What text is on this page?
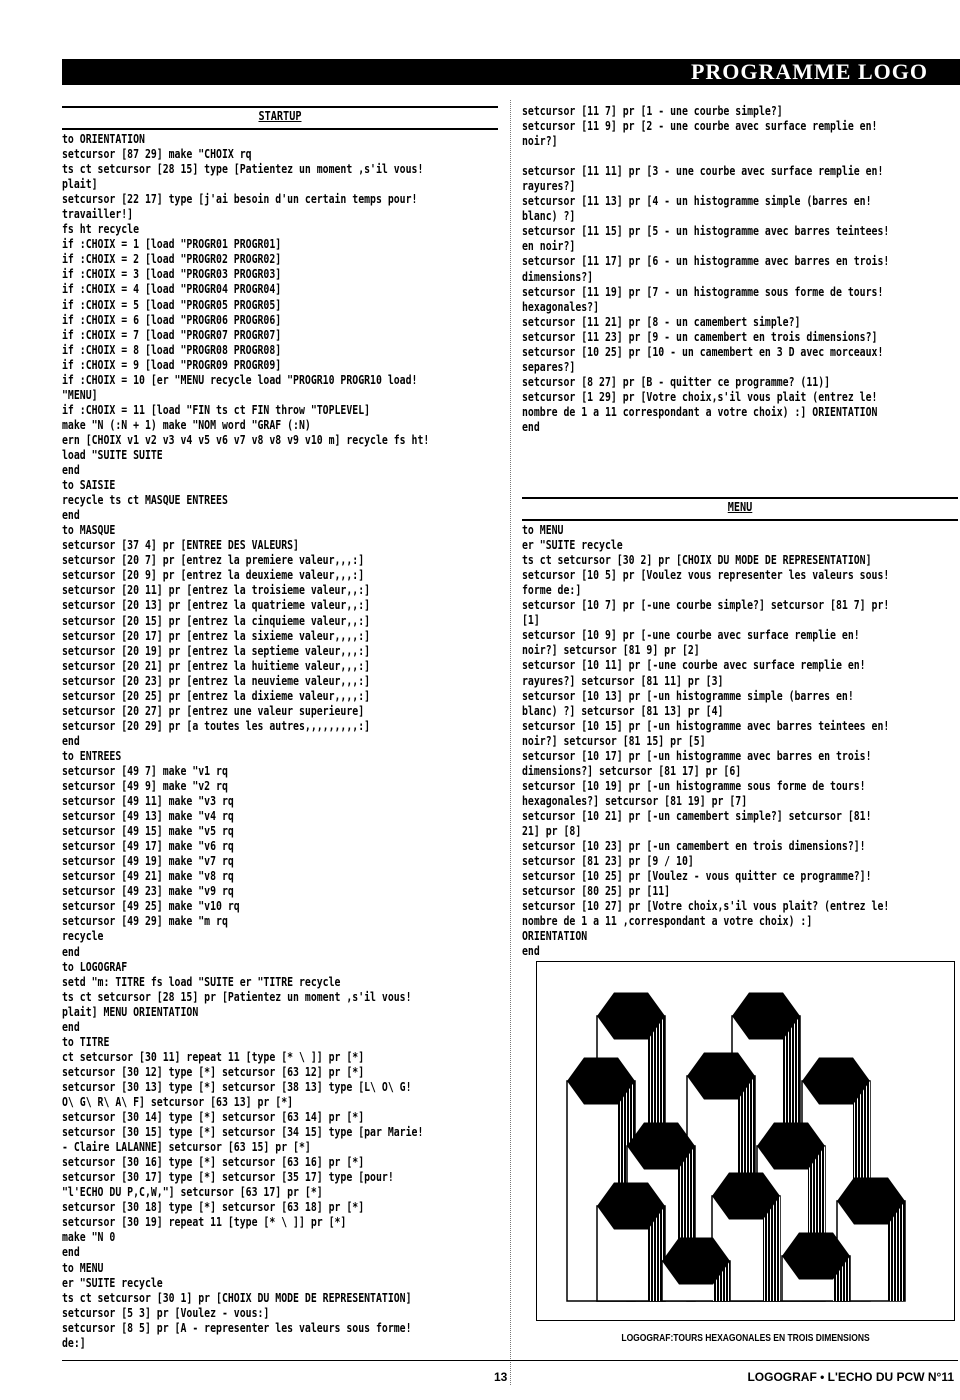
PROGRAMME LOGO
STARTUP
to ORIENTATION
setcursor [87 29] make "CHOIX rq
ts ct setcursor [28 15] type [Patientez un moment ,s'il vous!
plait]
setcursor [22 17] type [j'ai besoin d'un certain temps pour!
travailler!]
fs ht recycle
if :CHOIX = 1 [load "PROGR01 PROGR01]
if :CHOIX = 2 [load "PROGR02 PROGR02]
if :CHOIX = 3 [load "PROGR03 PROGR03]
if :CHOIX = 4 [load "PROGR04 PROGR04]
if :CHOIX = 5 [load "PROGR05 PROGR05]
if :CHOIX = 6 [load "PROGR06 PROGR06]
if :CHOIX = 7 [load "PROGR07 PROGR07]
if :CHOIX = 8 [load "PROGR08 PROGR08]
if :CHOIX = 9 [load "PROGR09 PROGR09]
if :CHOIX = 10 [er "MENU recycle load "PROGR10 PROGR10 load!
"MENU]
if :CHOIX = 11 [load "FIN ts ct FIN throw "TOPLEVEL]
make "N (:N + 1) make "NOM word "GRAF (:N)
ern [CHOIX v1 v2 v3 v4 v5 v6 v7 v8 v8 v9 v10 m] recycle fs ht!
load "SUITE SUITE
end
to SAISIE
recycle ts ct MASQUE ENTREES
end
to MASQUE
setcursor [37 4] pr [ENTREE DES VALEURS]
setcursor [20 7] pr [entrez la premiere valeur,,,:]
setcursor [20 9] pr [entrez la deuxieme valeur,,,:]
setcursor [20 11] pr [entrez la troisieme valeur,,:]
setcursor [20 13] pr [entrez la quatrieme valeur,,:]
setcursor [20 15] pr [entrez la cinquieme valeur,,:]
setcursor [20 17] pr [entrez la sixieme valeur,,,,:]
setcursor [20 19] pr [entrez la septieme valeur,,,:]
setcursor [20 21] pr [entrez la huitieme valeur,,,:]
setcursor [20 23] pr [entrez la neuvieme valeur,,,:]
setcursor [20 25] pr [entrez la dixieme valeur,,,,:]
setcursor [20 27] pr [entrez une valeur superieure]
setcursor [20 29] pr [a toutes les autres,,,,,,,,,:]
end
to ENTREES
setcursor [49 7] make "v1 rq
setcursor [49 9] make "v2 rq
setcursor [49 11] make "v3 rq
setcursor [49 13] make "v4 rq
setcursor [49 15] make "v5 rq
setcursor [49 17] make "v6 rq
setcursor [49 19] make "v7 rq
setcursor [49 21] make "v8 rq
setcursor [49 23] make "v9 rq
setcursor [49 25] make "v10 rq
setcursor [49 29] make "m rq
recycle
end
to LOGOGRAF
setd "m: TITRE fs load "SUITE er "TITRE recycle
ts ct setcursor [28 15] pr [Patientez un moment ,s'il vous!
plait] MENU ORIENTATION
end
to TITRE
ct setcursor [30 11] repeat 11 [type [* \ ]] pr [*]
setcursor [30 12] type [*] setcursor [63 12] pr [*]
setcursor [30 13] type [*] setcursor [38 13] type [L\ O\ G!
O\ G\ R\ A\ F] setcursor [63 13] pr [*]
setcursor [30 14] type [*] setcursor [63 14] pr [*]
setcursor [30 15] type [*] setcursor [34 15] type [par Marie!
- Claire LALANNE] setcursor [63 15] pr [*]
setcursor [30 16] type [*] setcursor [63 16] pr [*]
setcursor [30 17] type [*] setcursor [35 17] type [pour!
"l'ECHO DU P,C,W,"] setcursor [63 17] pr [*]
setcursor [30 18] type [*] setcursor [63 18] pr [*]
setcursor [30 19] repeat 11 [type [* \ ]] pr [*]
make "N 0
end
to MENU
er "SUITE recycle
ts ct setcursor [30 1] pr [CHOIX DU MODE DE REPRESENTATION]
setcursor [5 3] pr [Voulez - vous:]
setcursor [8 5] pr [A - representer les valeurs sous forme!
de:]
setcursor [11 7] pr [1 - une courbe simple?]
setcursor [11 9] pr [2 - une courbe avec surface remplie en!
noir?]

setcursor [11 11] pr [3 - une courbe avec surface remplie en!
rayures?]
setcursor [11 13] pr [4 - un histogramme simple (barres en!
blanc) ?]
setcursor [11 15] pr [5 - un histogramme avec barres teintees!
en noir?]
setcursor [11 17] pr [6 - un histogramme avec barres en trois!
dimensions?]
setcursor [11 19] pr [7 - un histogramme sous forme de tours!
hexagonales?]
setcursor [11 21] pr [8 - un camembert simple?]
setcursor [11 23] pr [9 - un camembert en trois dimensions?]
setcursor [10 25] pr [10 - un camembert en 3 D avec morceaux!
separes?]
setcursor [8 27] pr [B - quitter ce programme? (11)]
setcursor [1 29] pr [Votre choix,s'il vous plait (entrez le!
nombre de 1 a 11 correspondant a votre choix) :] ORIENTATION
end
MENU
to MENU
er "SUITE recycle
ts ct setcursor [30 2] pr [CHOIX DU MODE DE REPRESENTATION]
setcursor [10 5] pr [Voulez vous representer les valeurs sous!
forme de:]
setcursor [10 7] pr [-une courbe simple?] setcursor [81 7] pr!
[1]
setcursor [10 9] pr [-une courbe avec surface remplie en!
noir?] setcursor [81 9] pr [2]
setcursor [10 11] pr [-une courbe avec surface remplie en!
rayures?] setcursor [81 11] pr [3]
setcursor [10 13] pr [-un histogramme simple (barres en!
blanc) ?] setcursor [81 13] pr [4]
setcursor [10 15] pr [-un histogramme avec barres teintees en!
noir?] setcursor [81 15] pr [5]
setcursor [10 17] pr [-un histogramme avec barres en trois!
dimensions?] setcursor [81 17] pr [6]
setcursor [10 19] pr [-un histogramme sous forme de tours!
hexagonales?] setcursor [81 19] pr [7]
setcursor [10 21] pr [-un camembert simple?] setcursor [81!
21] pr [8]
setcursor [10 23] pr [-un camembert en trois dimensions?]!
setcursor [81 23] pr [9 / 10]
setcursor [10 25] pr [Voulez - vous quitter ce programme?]!
setcursor [80 25] pr [11]
setcursor [10 27] pr [Votre choix,s'il vous plait? (entrez le!
nombre de 1 a 11 ,correspondant a votre choix) :]
ORIENTATION
end
LOGOGRAF:TOURS HEXAGONALES EN TROIS DIMENSIONS
13	LOGOGRAF • L'ECHO DU PCW N°11
